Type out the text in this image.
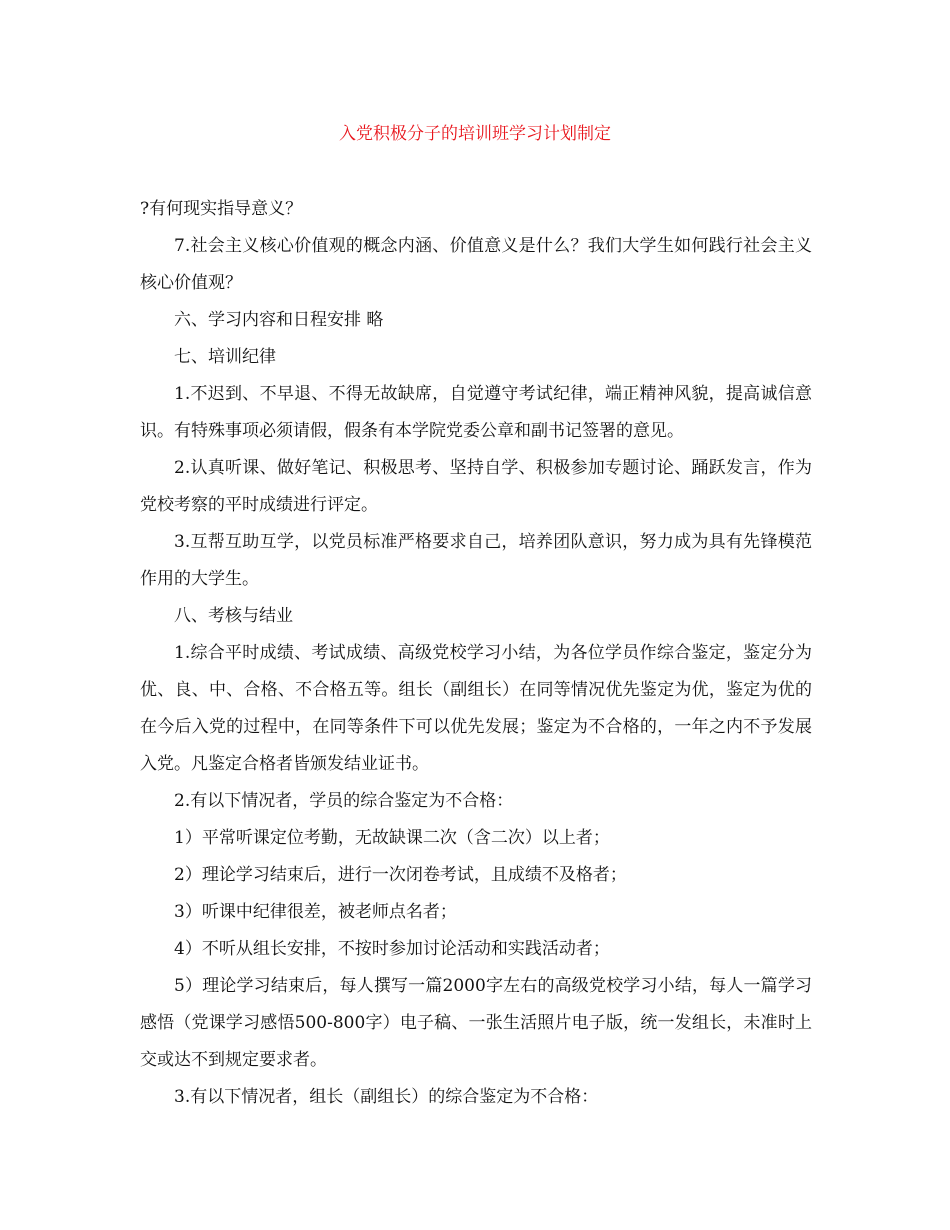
入党积极分子的培训班学习计划制定

?有何现实指导意义？

7.社会主义核心价值观的概念内涵、价值意义是什么？我们大学生如何践行社会主义核心价值观？

六、学习内容和日程安排 略

七、培训纪律

1.不迟到、不早退、不得无故缺席，自觉遵守考试纪律，端正精神风貌，提高诚信意识。有特殊事项必须请假，假条有本学院党委公章和副书记签署的意见。

2.认真听课、做好笔记、积极思考、坚持自学、积极参加专题讨论、踊跃发言，作为党校考察的平时成绩进行评定。

3.互帮互助互学，以党员标准严格要求自己，培养团队意识，努力成为具有先锋模范作用的大学生。

八、考核与结业

1.综合平时成绩、考试成绩、高级党校学习小结，为各位学员作综合鉴定，鉴定分为优、良、中、合格、不合格五等。组长（副组长）在同等情况优先鉴定为优，鉴定为优的在今后入党的过程中，在同等条件下可以优先发展；鉴定为不合格的，一年之内不予发展入党。凡鉴定合格者皆颁发结业证书。

2.有以下情况者，学员的综合鉴定为不合格：

1）平常听课定位考勤，无故缺课二次（含二次）以上者；

2）理论学习结束后，进行一次闭卷考试，且成绩不及格者；

3）听课中纪律很差，被老师点名者；

4）不听从组长安排，不按时参加讨论活动和实践活动者；

5）理论学习结束后，每人撰写一篇2000字左右的高级党校学习小结，每人一篇学习感悟（党课学习感悟500-800字）电子稿、一张生活照片电子版，统一发组长，未准时上交或达不到规定要求者。

3.有以下情况者，组长（副组长）的综合鉴定为不合格：
